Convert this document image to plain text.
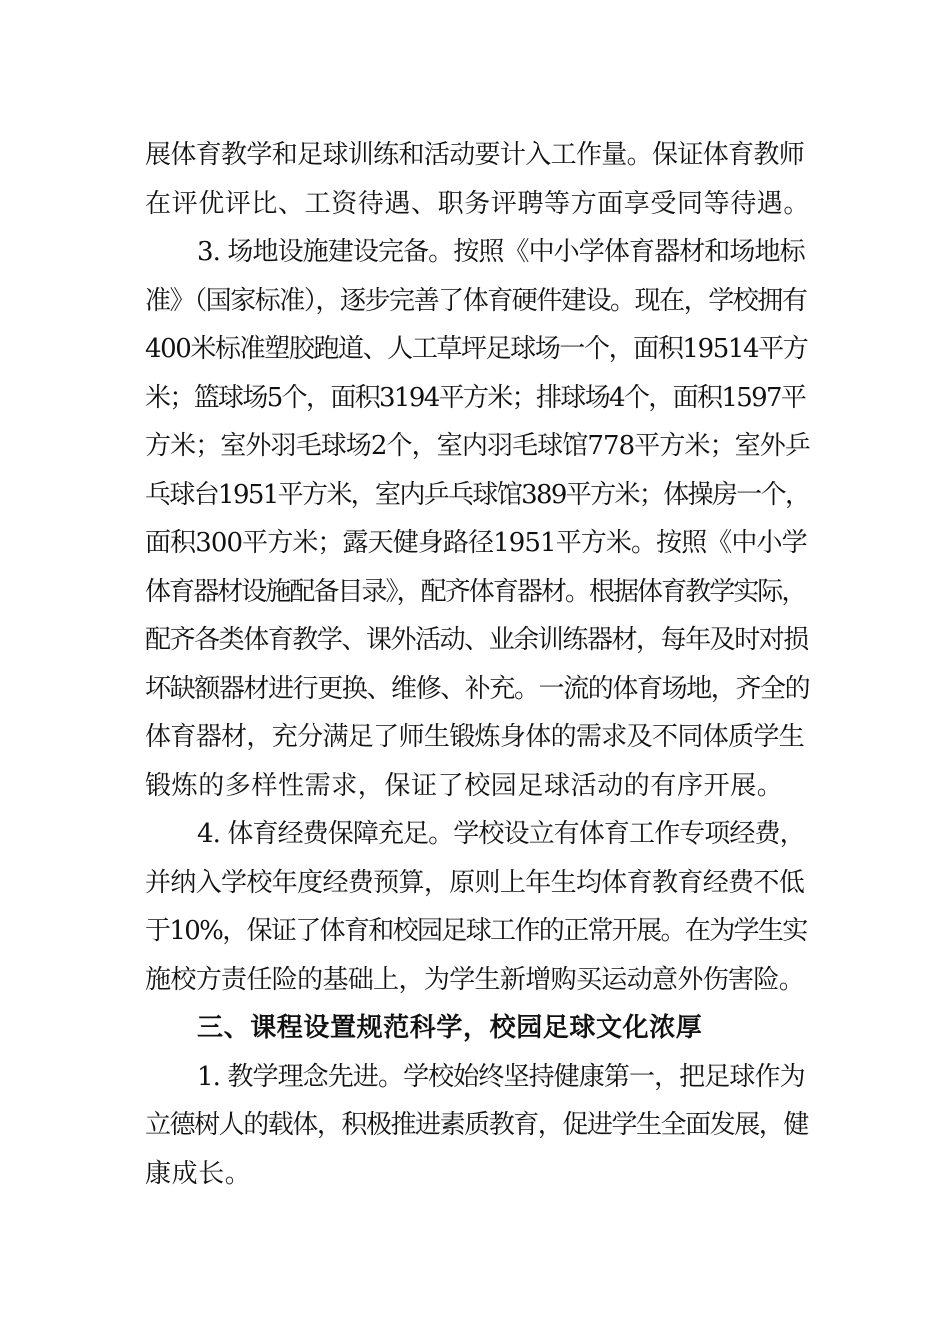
展体育教学和足球训练和活动要计入工作量。保证体育教师
在评优评比、工资待遇、职务评聘等方面享受同等待遇。
3. 场地设施建设完备。按照《中小学体育器材和场地标
准》（国家标准），逐步完善了体育硬件建设。现在，学校拥有
400米标准塑胶跑道、人工草坪足球场一个，面积19514平方
米；篮球场5个，面积3194平方米；排球场4个，面积1597平
方米；室外羽毛球场2个，室内羽毛球馆778平方米；室外乒
乓球台1951平方米，室内乒乓球馆389平方米；体操房一个，
面积300平方米；露天健身路径1951平方米。按照《中小学
体育器材设施配备目录》，配齐体育器材。根据体育教学实际，
配齐各类体育教学、课外活动、业余训练器材，每年及时对损
坏缺额器材进行更换、维修、补充。一流的体育场地，齐全的
体育器材，充分满足了师生锻炼身体的需求及不同体质学生
锻炼的多样性需求，保证了校园足球活动的有序开展。
4. 体育经费保障充足。学校设立有体育工作专项经费，
并纳入学校年度经费预算，原则上年生均体育教育经费不低
于10%，保证了体育和校园足球工作的正常开展。在为学生实
施校方责任险的基础上，为学生新增购买运动意外伤害险。
三、课程设置规范科学，校园足球文化浓厚
1. 教学理念先进。学校始终坚持健康第一，把足球作为
立德树人的载体，积极推进素质教育，促进学生全面发展，健
康成长。
